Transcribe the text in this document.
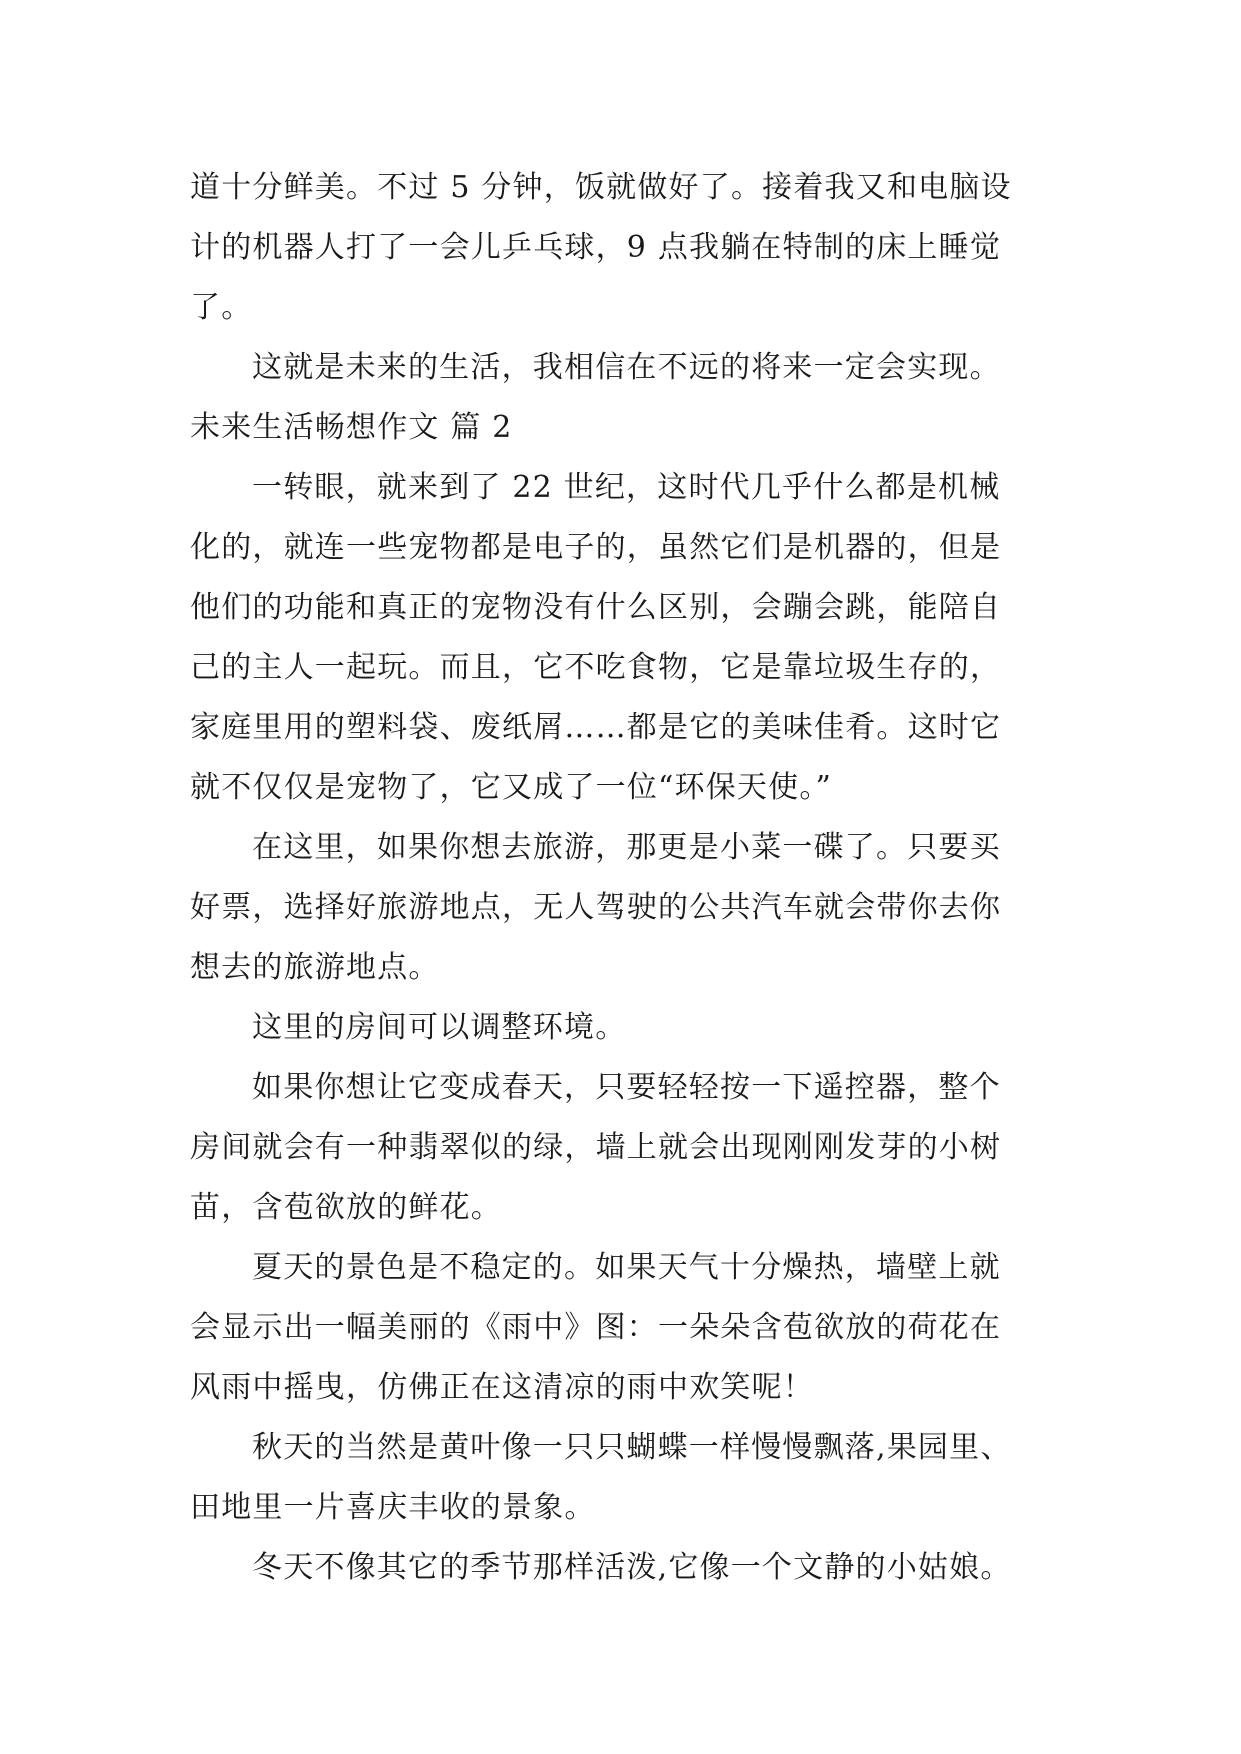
道十分鲜美。不过 5 分钟，饭就做好了。接着我又和电脑设
计的机器人打了一会儿乒乓球，9 点我躺在特制的床上睡觉
了。
这就是未来的生活，我相信在不远的将来一定会实现。
未来生活畅想作文 篇 2
一转眼，就来到了 22 世纪，这时代几乎什么都是机械
化的，就连一些宠物都是电子的，虽然它们是机器的，但是
他们的功能和真正的宠物没有什么区别，会蹦会跳，能陪自
己的主人一起玩。而且，它不吃食物，它是靠垃圾生存的，
家庭里用的塑料袋、废纸屑……都是它的美味佳肴。这时它
就不仅仅是宠物了，它又成了一位“环保天使。”
在这里，如果你想去旅游，那更是小菜一碟了。只要买
好票，选择好旅游地点，无人驾驶的公共汽车就会带你去你
想去的旅游地点。
这里的房间可以调整环境。
如果你想让它变成春天，只要轻轻按一下遥控器，整个
房间就会有一种翡翠似的绿，墙上就会出现刚刚发芽的小树
苗，含苞欲放的鲜花。
夏天的景色是不稳定的。如果天气十分燥热，墙壁上就
会显示出一幅美丽的《雨中》图：一朵朵含苞欲放的荷花在
风雨中摇曳，仿佛正在这清凉的雨中欢笑呢！
秋天的当然是黄叶像一只只蝴蝶一样慢慢飘落,果园里、
田地里一片喜庆丰收的景象。
冬天不像其它的季节那样活泼,它像一个文静的小姑娘。
